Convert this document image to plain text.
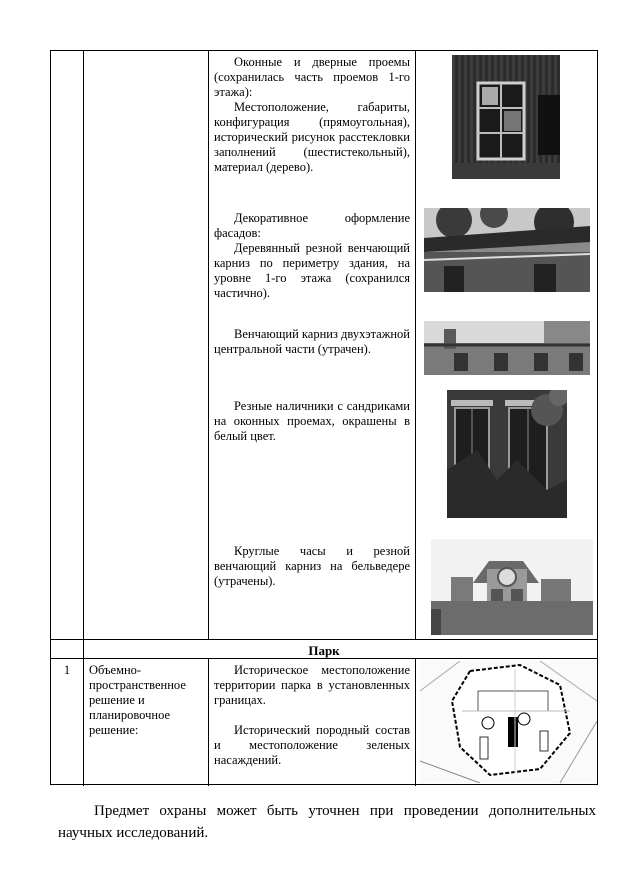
Оконные и дверные проемы (сохранилась часть проемов 1-го этажа):

Местоположение, габариты, конфигурация (прямоугольная), исторический рисунок расстекловки заполнений (шестистекольный), материал (дерево).

Декоративное оформление фасадов:

Деревянный резной венчающий карниз по периметру здания, на уровне 1-го этажа (сохранился частично).

Венчающий карниз двухэтажной центральной части (утрачен).

Резные наличники с сандриками на оконных проемах, окрашены в белый цвет.

Круглые часы и резной венчающий карниз на бельведере (утрачены).

Парк
1	Объемно-пространственное решение и планировочное решение:

Историческое местоположение территории парка в установленных границах.

Исторический породный состав и местоположение зеленых насаждений.

Предмет охраны может быть уточнен при проведении дополнительных научных исследований.
